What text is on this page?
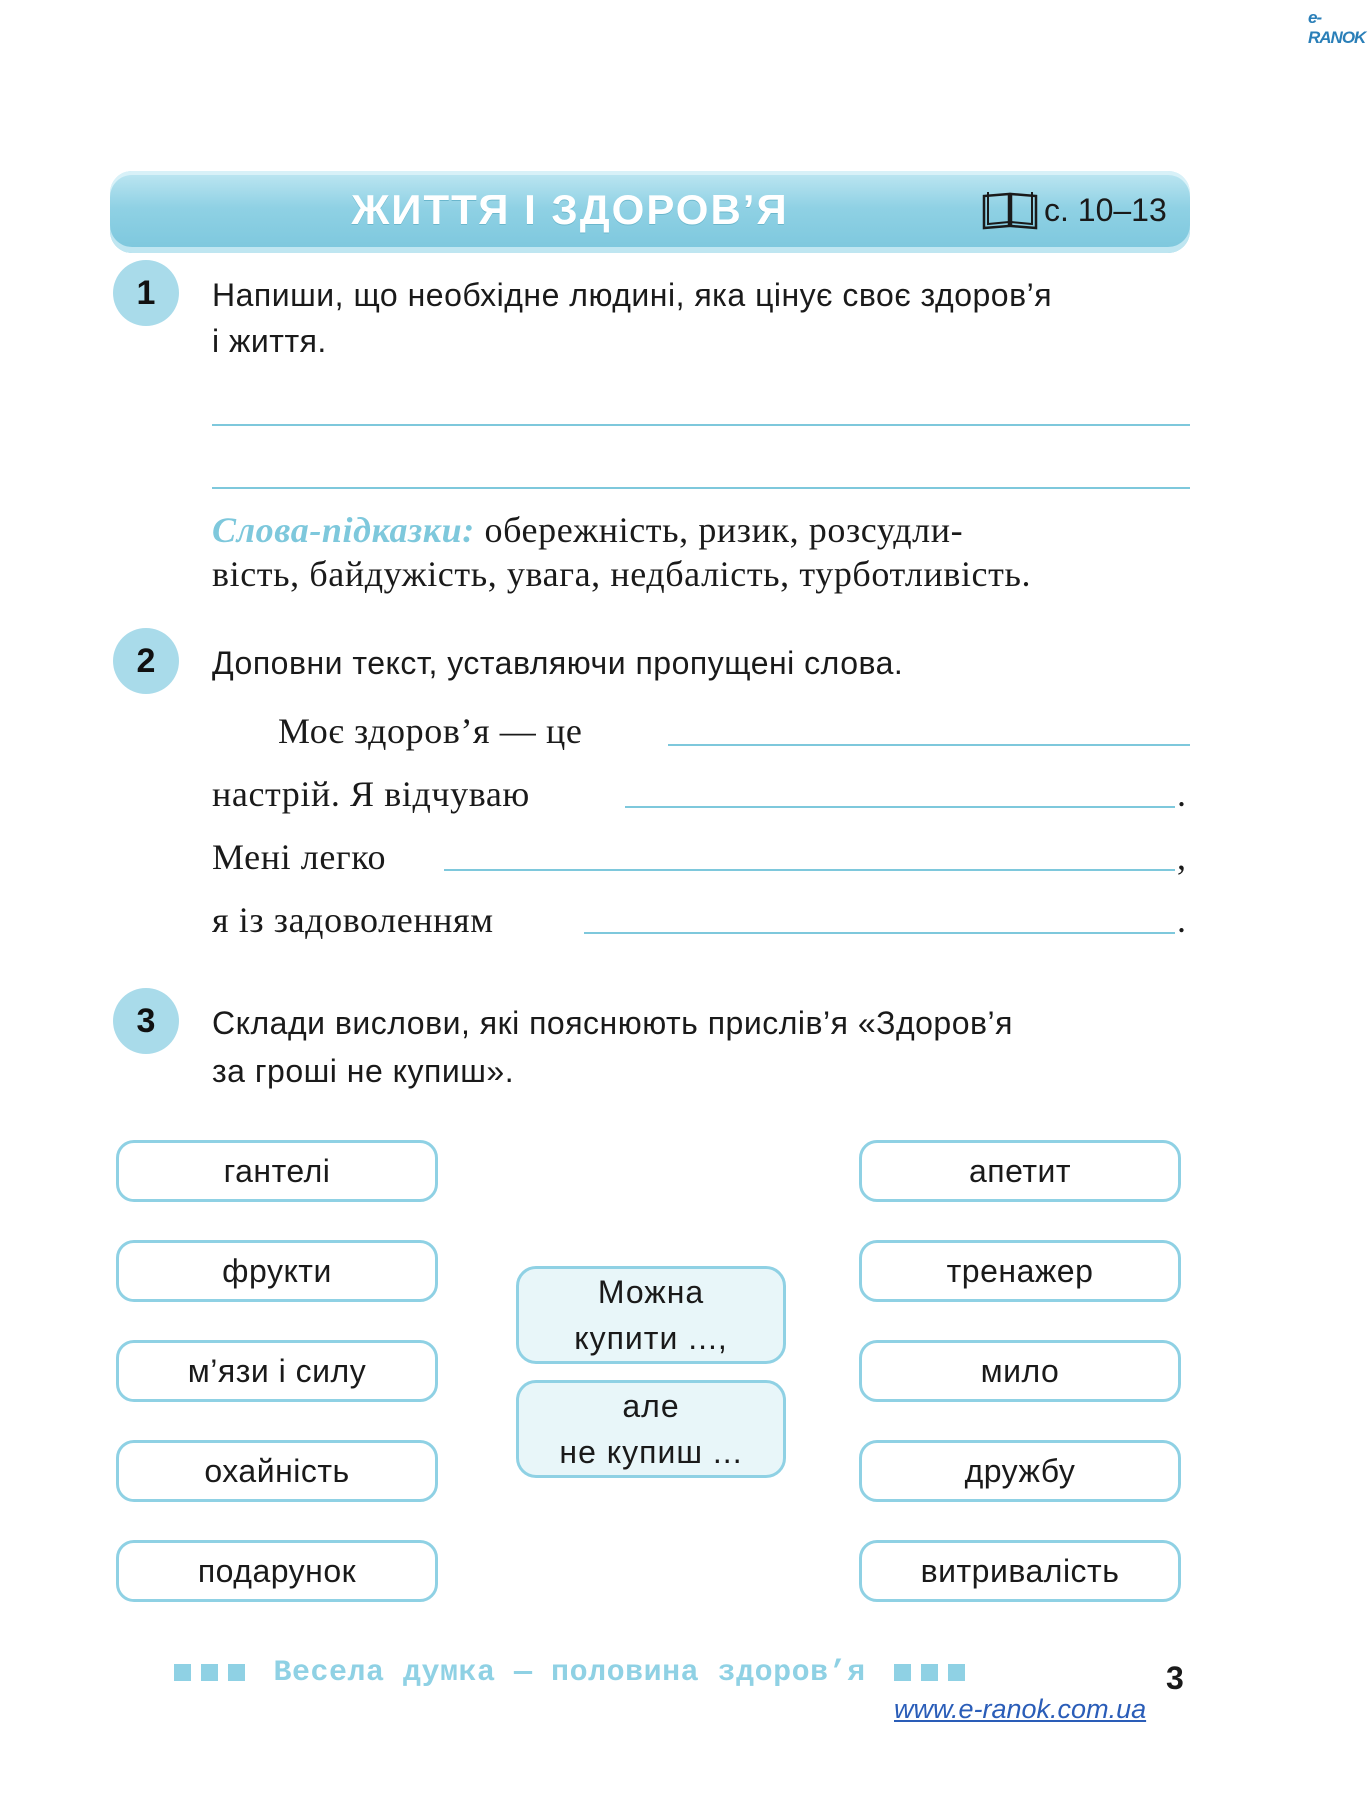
e-RANOK
ЖИТТЯ І ЗДОРОВ’Я	с. 10–13
1	Напиши, що необхідне людині, яка цінує своє здоров’я
і життя.
Слова-підказки: обережність, ризик, розсудли-
вість, байдужість, увага, недбалість, турботливість.
2	Доповни текст, уставляючи пропущені слова.
Моє здоров’я — це
настрій. Я відчуваю	.
Мені легко	,
я із задоволенням	.
3	Склади вислови, які пояснюють прислів’я «Здоров’я
за гроші не купиш».
гантелі
фрукти
м’язи і силу
охайність
подарунок
Можна
купити ...,
але
не купиш ...
апетит
тренажер
мило
дружбу
витривалість
Весела думка — половина здоров’я	3
www.e-ranok.com.ua
